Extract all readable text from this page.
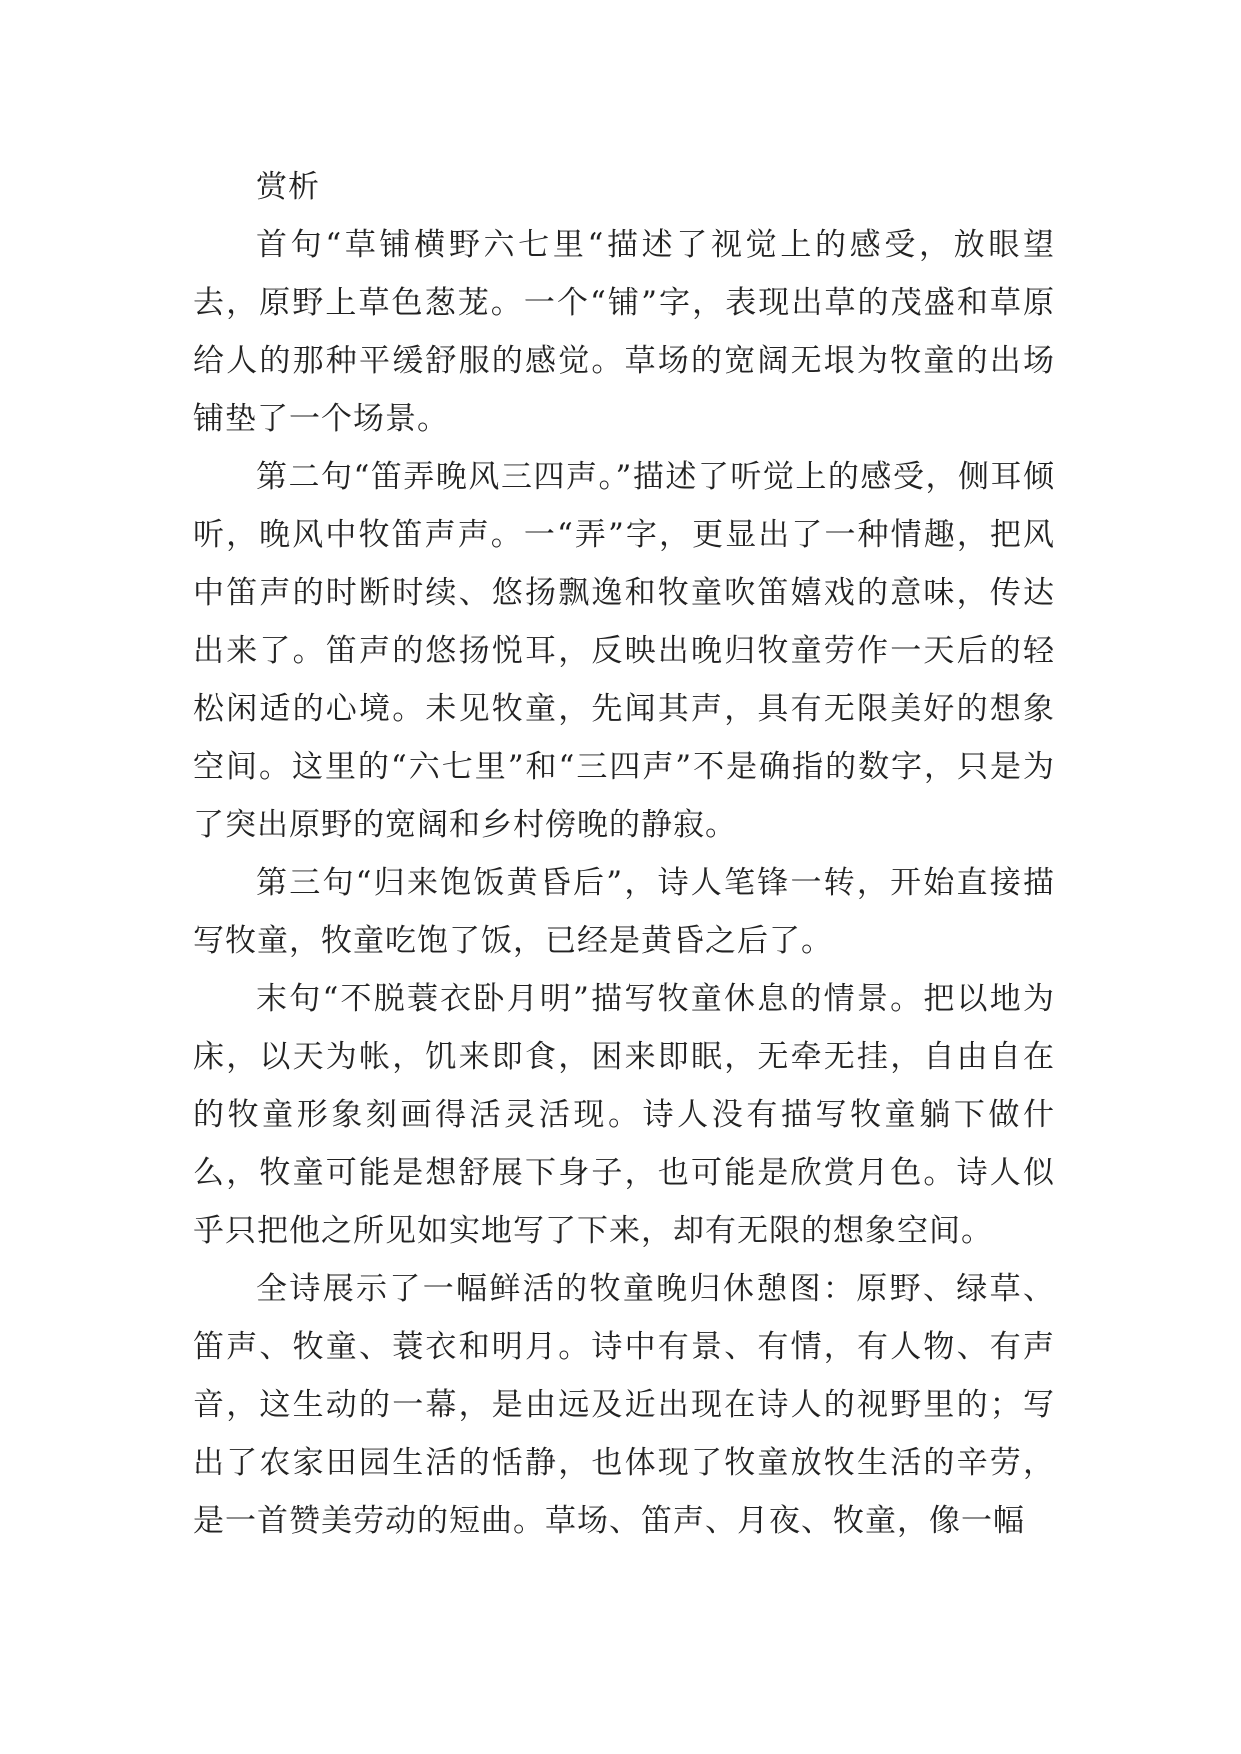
赏析

首句“草铺横野六七里“描述了视觉上的感受，放眼望去，原野上草色葱茏。一个“铺”字，表现出草的茂盛和草原给人的那种平缓舒服的感觉。草场的宽阔无垠为牧童的出场铺垫了一个场景。

第二句“笛弄晚风三四声。”描述了听觉上的感受，侧耳倾听，晚风中牧笛声声。一“弄”字，更显出了一种情趣，把风中笛声的时断时续、悠扬飘逸和牧童吹笛嬉戏的意味，传达出来了。笛声的悠扬悦耳，反映出晚归牧童劳作一天后的轻松闲适的心境。未见牧童，先闻其声，具有无限美好的想象空间。这里的“六七里”和“三四声”不是确指的数字，只是为了突出原野的宽阔和乡村傍晚的静寂。

第三句“归来饱饭黄昏后”，诗人笔锋一转，开始直接描写牧童，牧童吃饱了饭，已经是黄昏之后了。

末句“不脱蓑衣卧月明”描写牧童休息的情景。把以地为床，以天为帐，饥来即食，困来即眠，无牵无挂，自由自在的牧童形象刻画得活灵活现。诗人没有描写牧童躺下做什么，牧童可能是想舒展下身子，也可能是欣赏月色。诗人似乎只把他之所见如实地写了下来，却有无限的想象空间。

全诗展示了一幅鲜活的牧童晚归休憩图：原野、绿草、笛声、牧童、蓑衣和明月。诗中有景、有情，有人物、有声音，这生动的一幕，是由远及近出现在诗人的视野里的；写出了农家田园生活的恬静，也体现了牧童放牧生活的辛劳，是一首赞美劳动的短曲。草场、笛声、月夜、牧童，像一幅
